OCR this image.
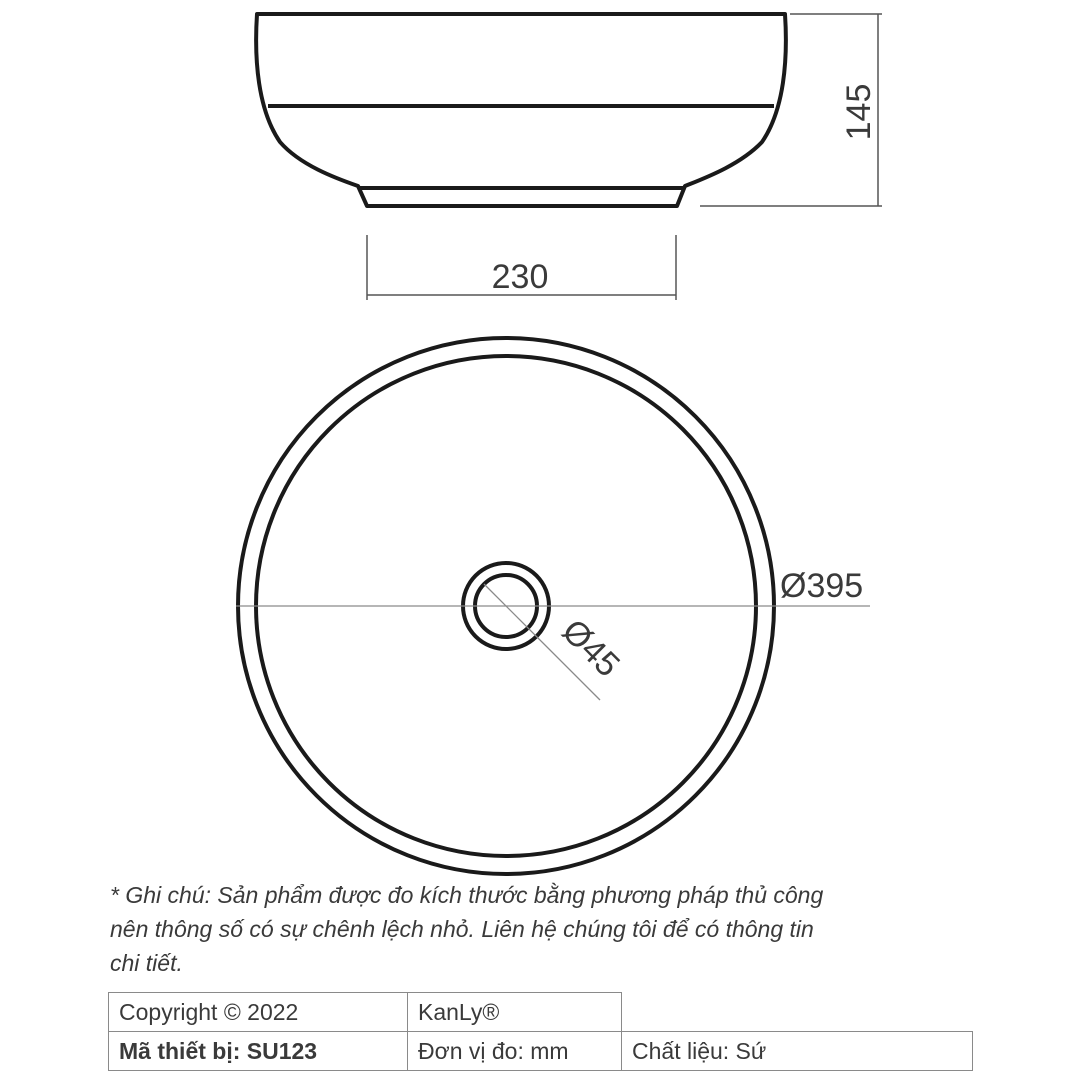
145
230
Ø395
Ø45

* Ghi chú: Sản phẩm được đo kích thước bằng phương pháp thủ công
nên thông số có sự chênh lệch nhỏ. Liên hệ chúng tôi để có thông tin
chi tiết.

Copyright © 2022	KanLy®	
Mã thiết bị: SU123	Đơn vị đo: mm	Chất liệu: Sứ
